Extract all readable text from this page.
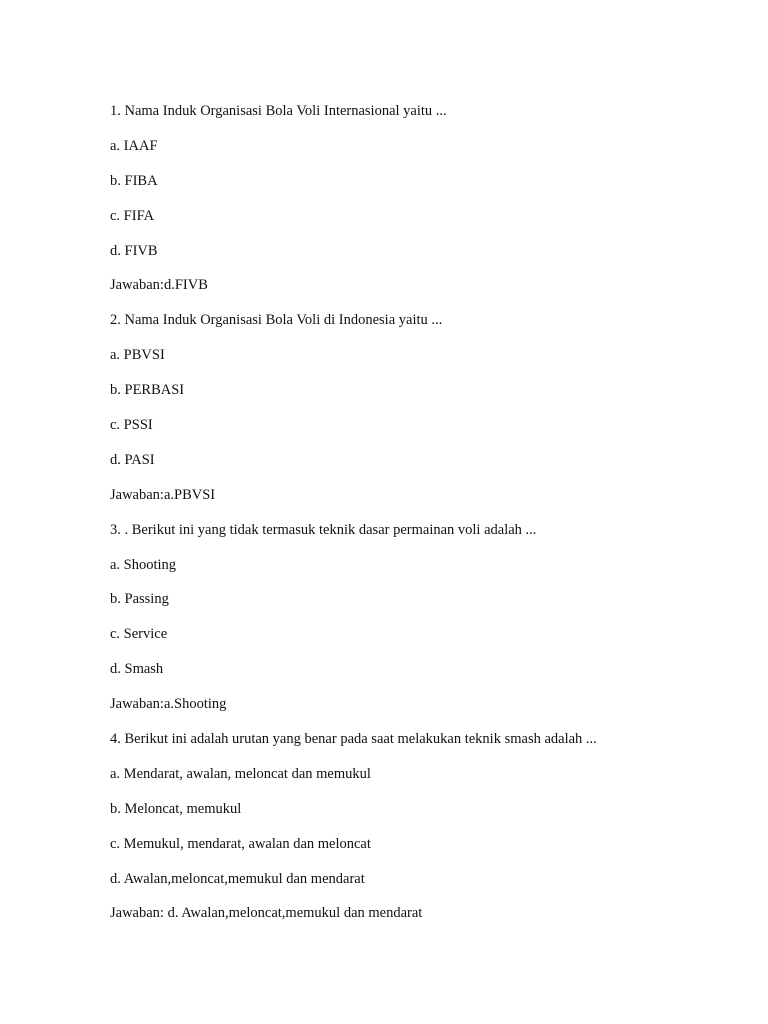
1. Nama Induk Organisasi Bola Voli Internasional yaitu ...
a. IAAF
b. FIBA
c. FIFA
d. FIVB
Jawaban:d.FIVB
2. Nama Induk Organisasi Bola Voli di Indonesia yaitu ...
a. PBVSI
b. PERBASI
c. PSSI
d. PASI
Jawaban:a.PBVSI
3. . Berikut ini yang tidak termasuk teknik dasar permainan voli adalah ...
a. Shooting
b. Passing
c. Service
d. Smash
Jawaban:a.Shooting
4. Berikut ini adalah urutan yang benar pada saat melakukan teknik smash adalah ...
a. Mendarat, awalan, meloncat dan memukul
b. Meloncat, memukul
c. Memukul, mendarat, awalan dan meloncat
d. Awalan,meloncat,memukul dan mendarat
Jawaban: d. Awalan,meloncat,memukul dan mendarat
